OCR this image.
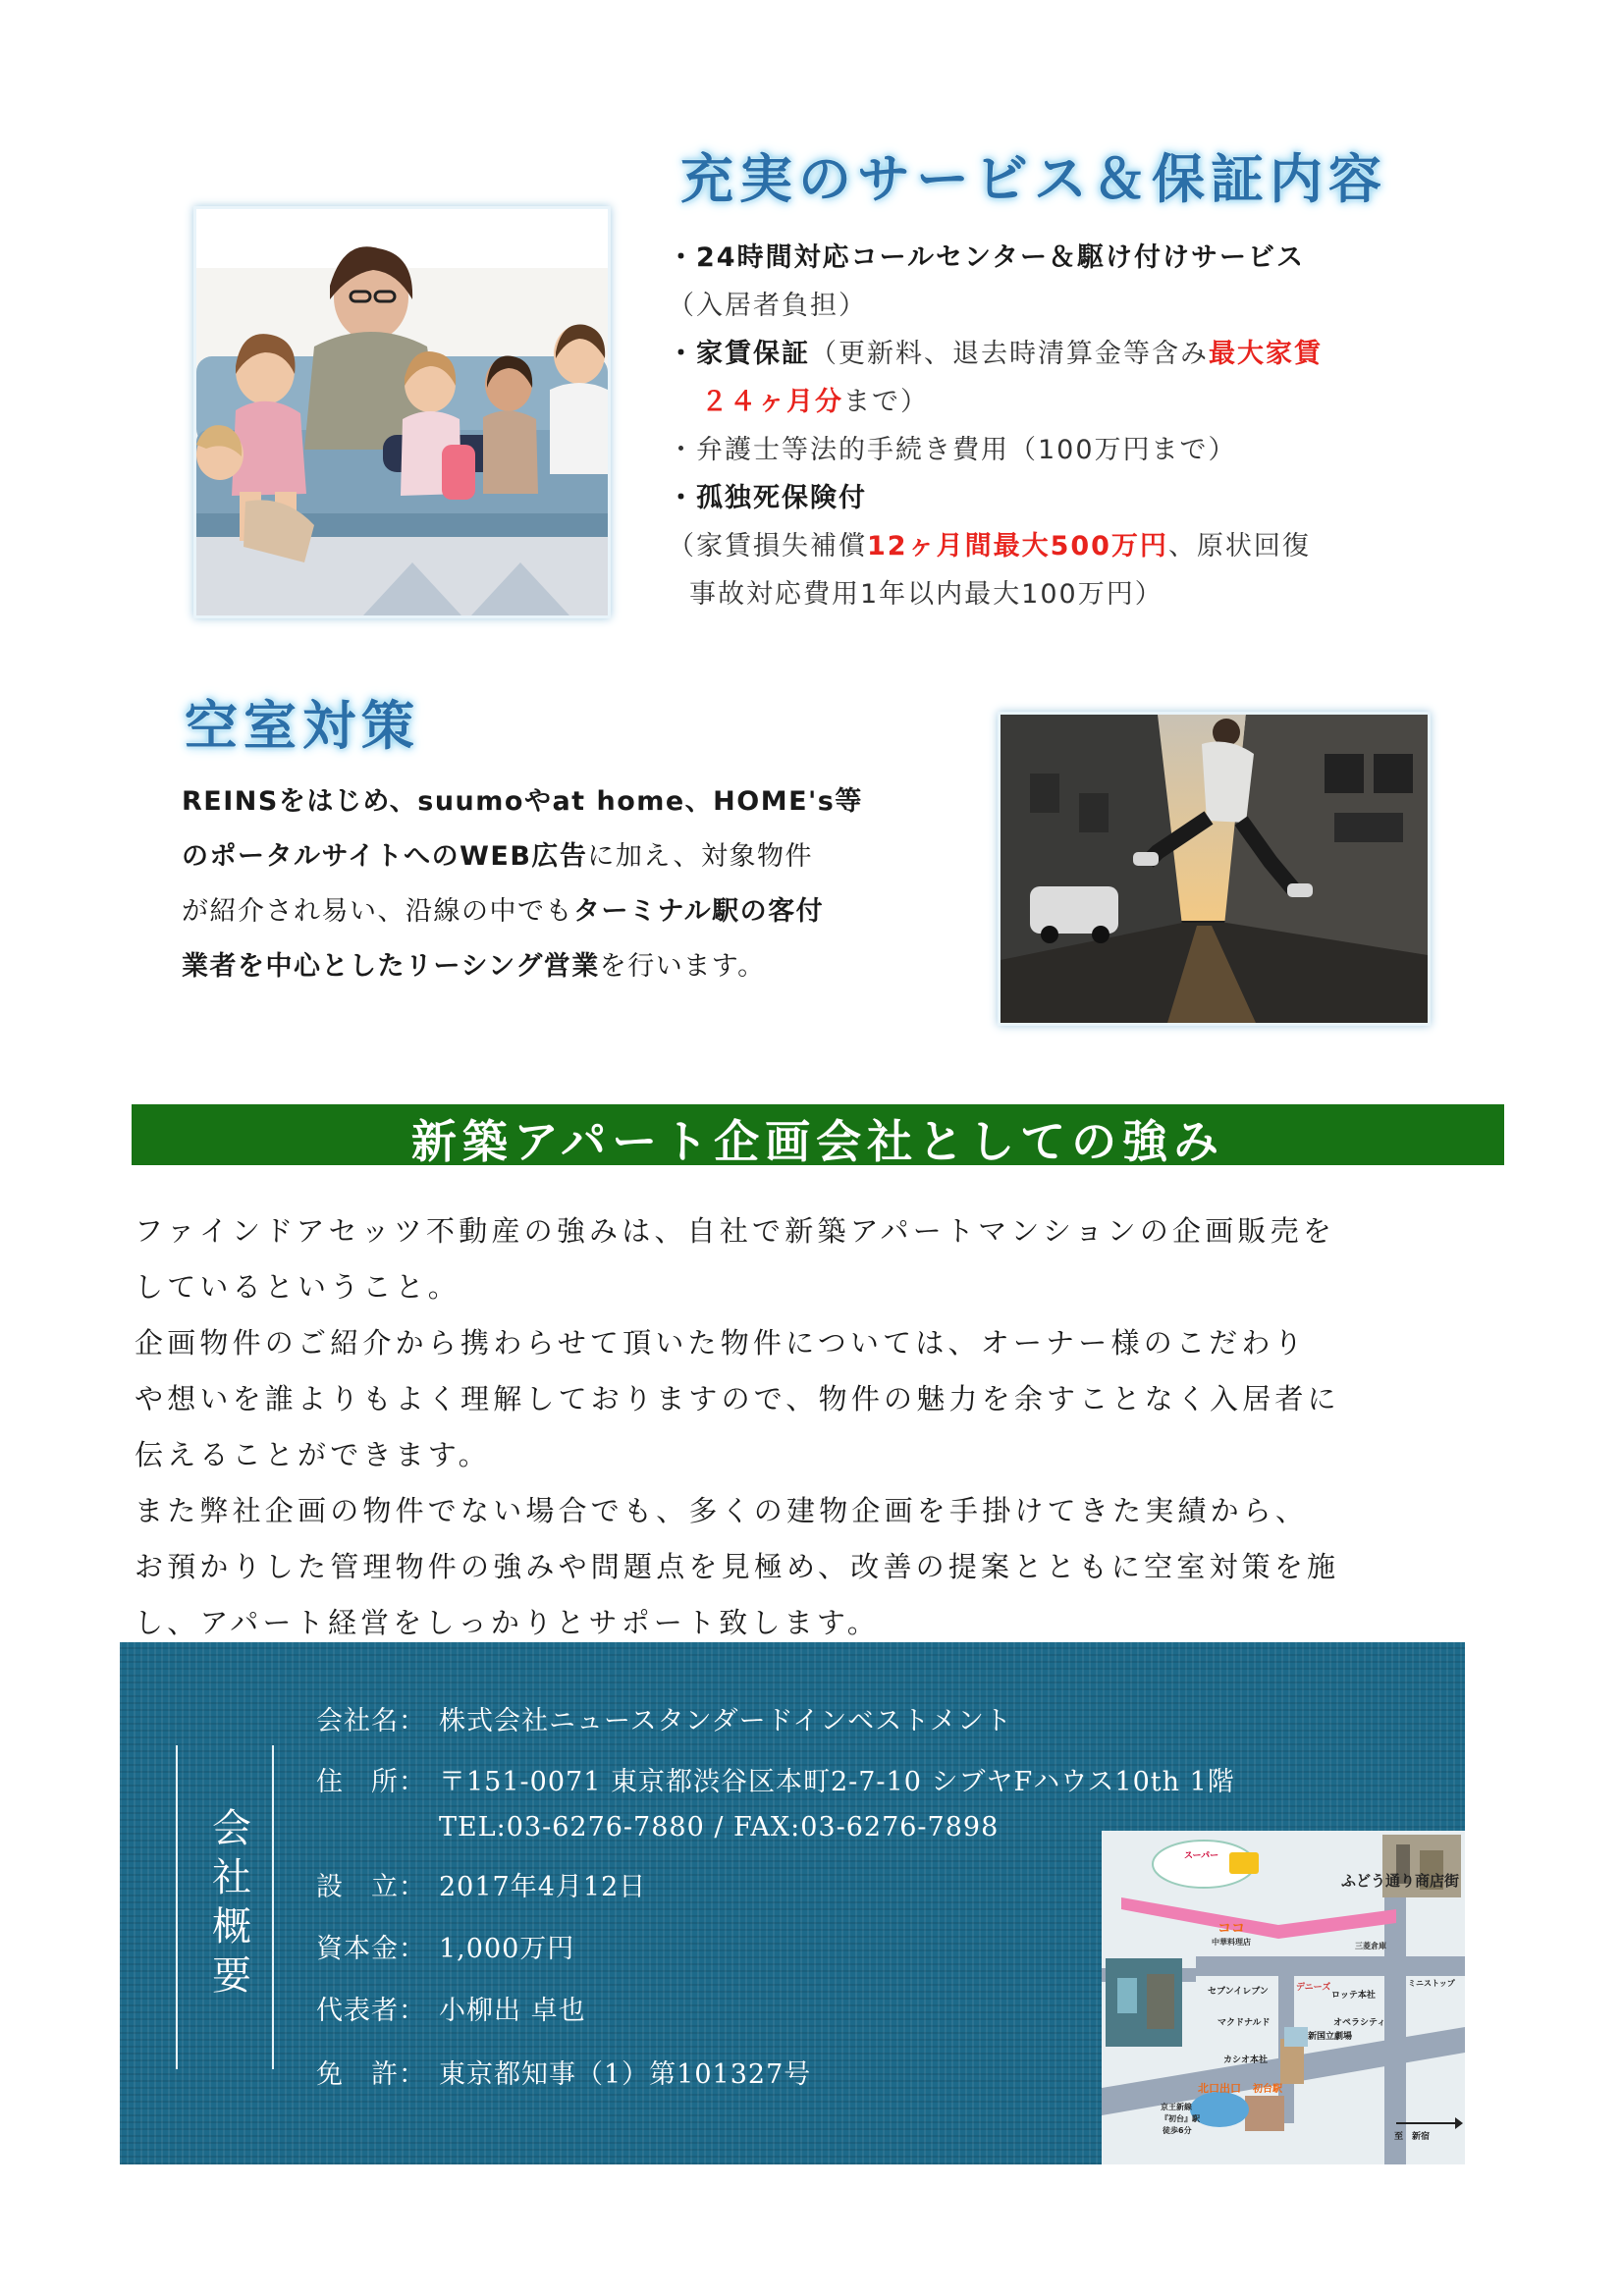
充実のサービス＆保証内容
・24時間対応コールセンター＆駆け付けサービス
（入居者負担）
・家賃保証（更新料、退去時清算金等含み最大家賃
２４ヶ月分まで）
・弁護士等法的手続き費用（100万円まで）
・孤独死保険付
（家賃損失補償12ヶ月間最大500万円、原状回復
事故対応費用1年以内最大100万円）
空室対策
REINSをはじめ、suumoやat home、HOME's等
のポータルサイトへのWEB広告に加え、対象物件
が紹介され易い、沿線の中でもターミナル駅の客付
業者を中心としたリーシング営業を行います。
新築アパート企画会社としての強み
ファインドアセッツ不動産の強みは、自社で新築アパートマンションの企画販売を
しているということ。
企画物件のご紹介から携わらせて頂いた物件については、オーナー様のこだわり
や想いを誰よりもよく理解しておりますので、物件の魅力を余すことなく入居者に
伝えることができます。
また弊社企画の物件でない場合でも、多くの建物企画を手掛けてきた実績から、
お預かりした管理物件の強みや問題点を見極め、改善の提案とともに空室対策を施
し、アパート経営をしっかりとサポート致します。
会
社
概
要
会社名： 株式会社ニュースタンダードインベストメント
住　所： 〒151-0071 東京都渋谷区本町2-7-10 シブヤFハウス10th 1階
TEL:03-6276-7880 / FAX:03-6276-7898
設　立： 2017年4月12日
資本金： 1,000万円
代表者： 小柳出 卓也
免　許： 東京都知事（1）第101327号
スーパー
ふどう通り商店街
ココ
中華料理店	三菱倉庫
セブンイレブン	デニーズ
ロッテ本社
ミニストップ
マクドナルド	オペラシティ
新国立劇場
カシオ本社
北口出口 初台駅
京王新線
『初台』駅
徒歩6分
至　新宿
